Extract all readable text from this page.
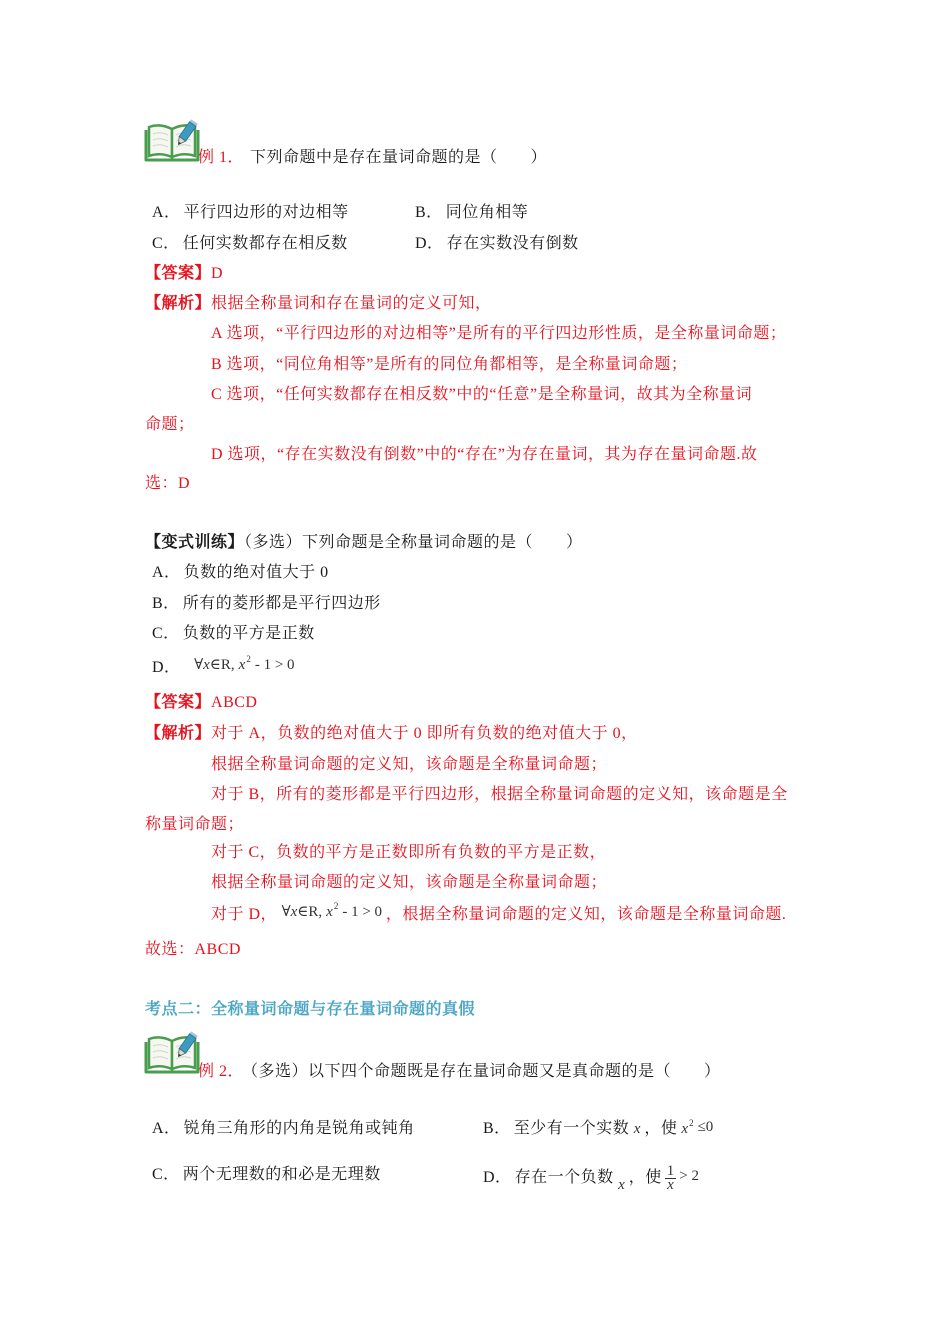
例 1． 下列命题中是存在量词命题的是（　　）
A． 平行四边形的对边相等	B． 同位角相等
C． 任何实数都存在相反数	D． 存在实数没有倒数
【答案】D
【解析】根据全称量词和存在量词的定义可知，
A 选项，“平行四边形的对边相等”是所有的平行四边形性质，是全称量词命题；
B 选项，“同位角相等”是所有的同位角都相等，是全称量词命题；
C 选项，“任何实数都存在相反数”中的“任意”是全称量词，故其为全称量词
命题；
D 选项，“存在实数没有倒数”中的“存在”为存在量词，其为存在量词命题.故
选：D
【变式训练】（多选）下列命题是全称量词命题的是（　　）
A． 负数的绝对值大于 0
B． 所有的菱形都是平行四边形
C． 负数的平方是正数
D． ∀x∈R, $x^2 - 1 > 0$
【答案】ABCD
【解析】对于 A，负数的绝对值大于 0 即所有负数的绝对值大于 0，
根据全称量词命题的定义知，该命题是全称量词命题；
对于 B，所有的菱形都是平行四边形，根据全称量词命题的定义知，该命题是全
称量词命题；
对于 C，负数的平方是正数即所有负数的平方是正数，
根据全称量词命题的定义知，该命题是全称量词命题；
对于 D， ∀x∈R, $x^2 - 1 > 0$ ，根据全称量词命题的定义知，该命题是全称量词命题.
故选：ABCD
考点二：全称量词命题与存在量词命题的真假
例 2． （多选）以下四个命题既是存在量词命题又是真命题的是（　　）
A． 锐角三角形的内角是锐角或钝角	B． 至少有一个实数 x ，使 $x^2 \le 0$
C． 两个无理数的和必是无理数	D． 存在一个负数 x ，使 $\frac{1}{x} > 2$
